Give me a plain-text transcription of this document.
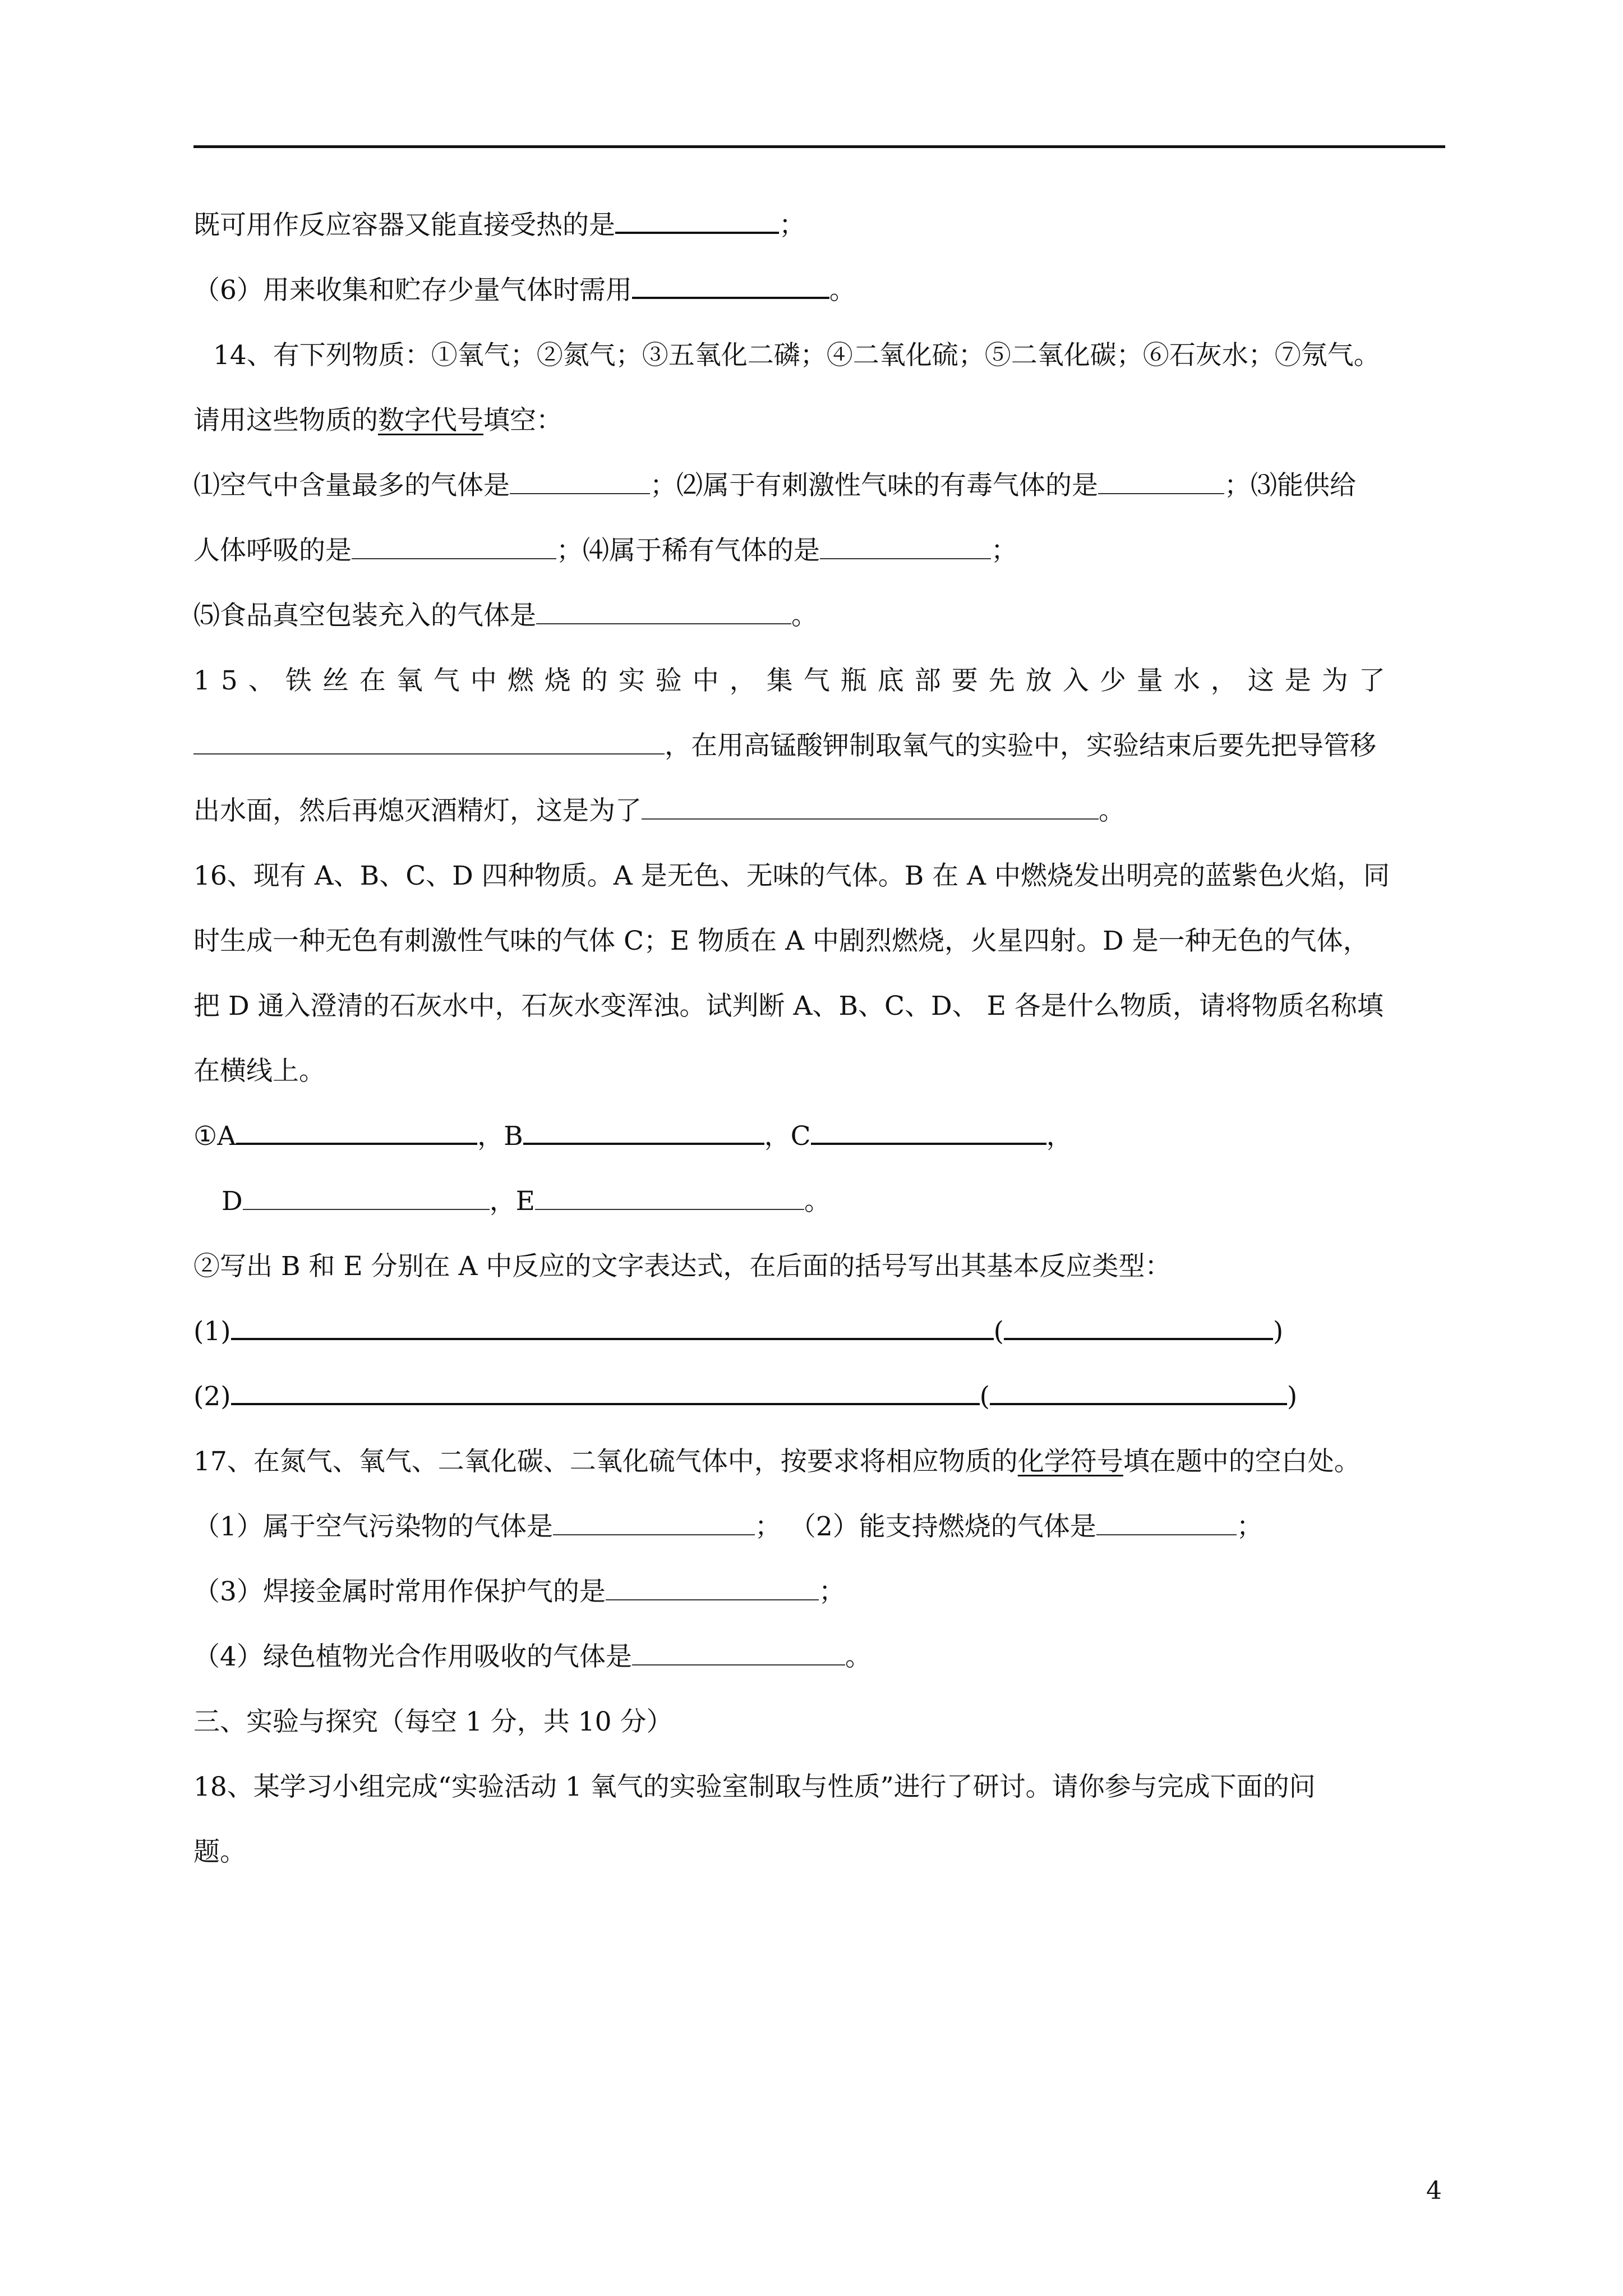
既可用作反应容器又能直接受热的是	；
（6）用来收集和贮存少量气体时需用	。
14、有下列物质：①氧气；②氮气；③五氧化二磷；④二氧化硫；⑤二氧化碳；⑥石灰水；⑦氖气。
请用这些物质的数字代号填空：
⑴空气中含量最多的气体是	；⑵属于有刺激性气味的有毒气体的是	；⑶能供给
人体呼吸的是	；⑷属于稀有气体的是	；
⑸食品真空包装充入的气体是	。
15、铁丝在氧气中燃烧的实验中，集气瓶底部要先放入少量水，这是为了
，在用高锰酸钾制取氧气的实验中，实验结束后要先把导管移
出水面，然后再熄灭酒精灯，这是为了	。
16、现有 A、B、C、D 四种物质。A 是无色、无味的气体。B 在 A 中燃烧发出明亮的蓝紫色火焰，同
时生成一种无色有刺激性气味的气体 C；E 物质在 A 中剧烈燃烧，火星四射。D 是一种无色的气体，
把 D 通入澄清的石灰水中，石灰水变浑浊。试判断 A、B、C、D、 E 各是什么物质，请将物质名称填
在横线上。
①A	，B	，C	，
D	，E	。
②写出 B 和 E 分别在 A 中反应的文字表达式，在后面的括号写出其基本反应类型：
(1)	(	)
(2)	(	)
17、在氮气、氧气、二氧化碳、二氧化硫气体中，按要求将相应物质的化学符号填在题中的空白处。
（1）属于空气污染物的气体是	； （2）能支持燃烧的气体是	；
（3）焊接金属时常用作保护气的是	；
（4）绿色植物光合作用吸收的气体是	。
三、实验与探究（每空 1 分，共 10 分）
18、某学习小组完成“实验活动 1 氧气的实验室制取与性质”进行了研讨。请你参与完成下面的问
题。
4
